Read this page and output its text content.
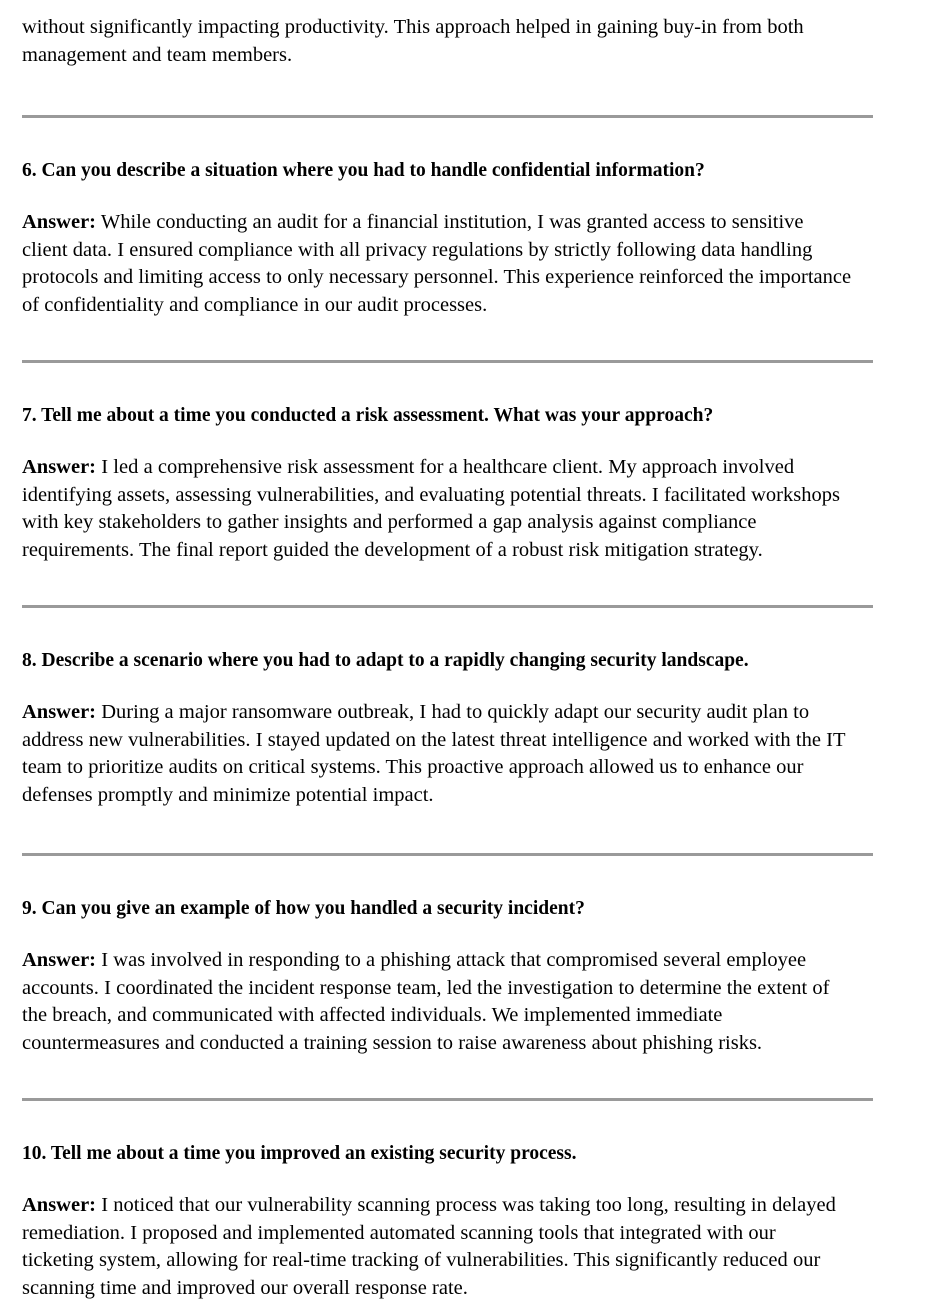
without significantly impacting productivity. This approach helped in gaining buy-in from both management and team members.

6. Can you describe a situation where you had to handle confidential information?

Answer: While conducting an audit for a financial institution, I was granted access to sensitive client data. I ensured compliance with all privacy regulations by strictly following data handling protocols and limiting access to only necessary personnel. This experience reinforced the importance of confidentiality and compliance in our audit processes.

7. Tell me about a time you conducted a risk assessment. What was your approach?

Answer: I led a comprehensive risk assessment for a healthcare client. My approach involved identifying assets, assessing vulnerabilities, and evaluating potential threats. I facilitated workshops with key stakeholders to gather insights and performed a gap analysis against compliance requirements. The final report guided the development of a robust risk mitigation strategy.

8. Describe a scenario where you had to adapt to a rapidly changing security landscape.

Answer: During a major ransomware outbreak, I had to quickly adapt our security audit plan to address new vulnerabilities. I stayed updated on the latest threat intelligence and worked with the IT team to prioritize audits on critical systems. This proactive approach allowed us to enhance our defenses promptly and minimize potential impact.

9. Can you give an example of how you handled a security incident?

Answer: I was involved in responding to a phishing attack that compromised several employee accounts. I coordinated the incident response team, led the investigation to determine the extent of the breach, and communicated with affected individuals. We implemented immediate countermeasures and conducted a training session to raise awareness about phishing risks.

10. Tell me about a time you improved an existing security process.

Answer: I noticed that our vulnerability scanning process was taking too long, resulting in delayed remediation. I proposed and implemented automated scanning tools that integrated with our ticketing system, allowing for real-time tracking of vulnerabilities. This significantly reduced our scanning time and improved our overall response rate.
